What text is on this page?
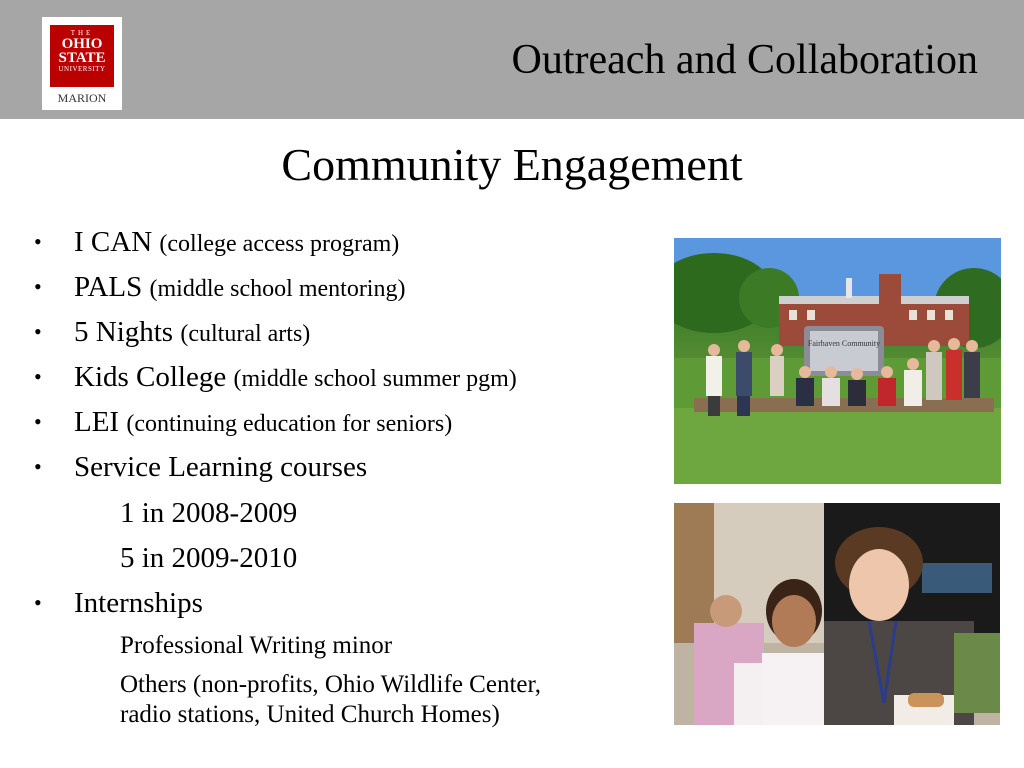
THE
OHIO
STATE
UNIVERSITY
MARION
Outreach and Collaboration
Community Engagement
•	I CAN (college access program)
•	PALS (middle school mentoring)
•	5 Nights (cultural arts)
•	Kids College (middle school summer pgm)
•	LEI (continuing education for seniors)
•	Service Learning courses
1 in 2008-2009
5 in 2009-2010
•	Internships
Professional Writing minor
Others (non-profits, Ohio Wildlife Center,
radio stations, United Church Homes)
Fairhaven Community
